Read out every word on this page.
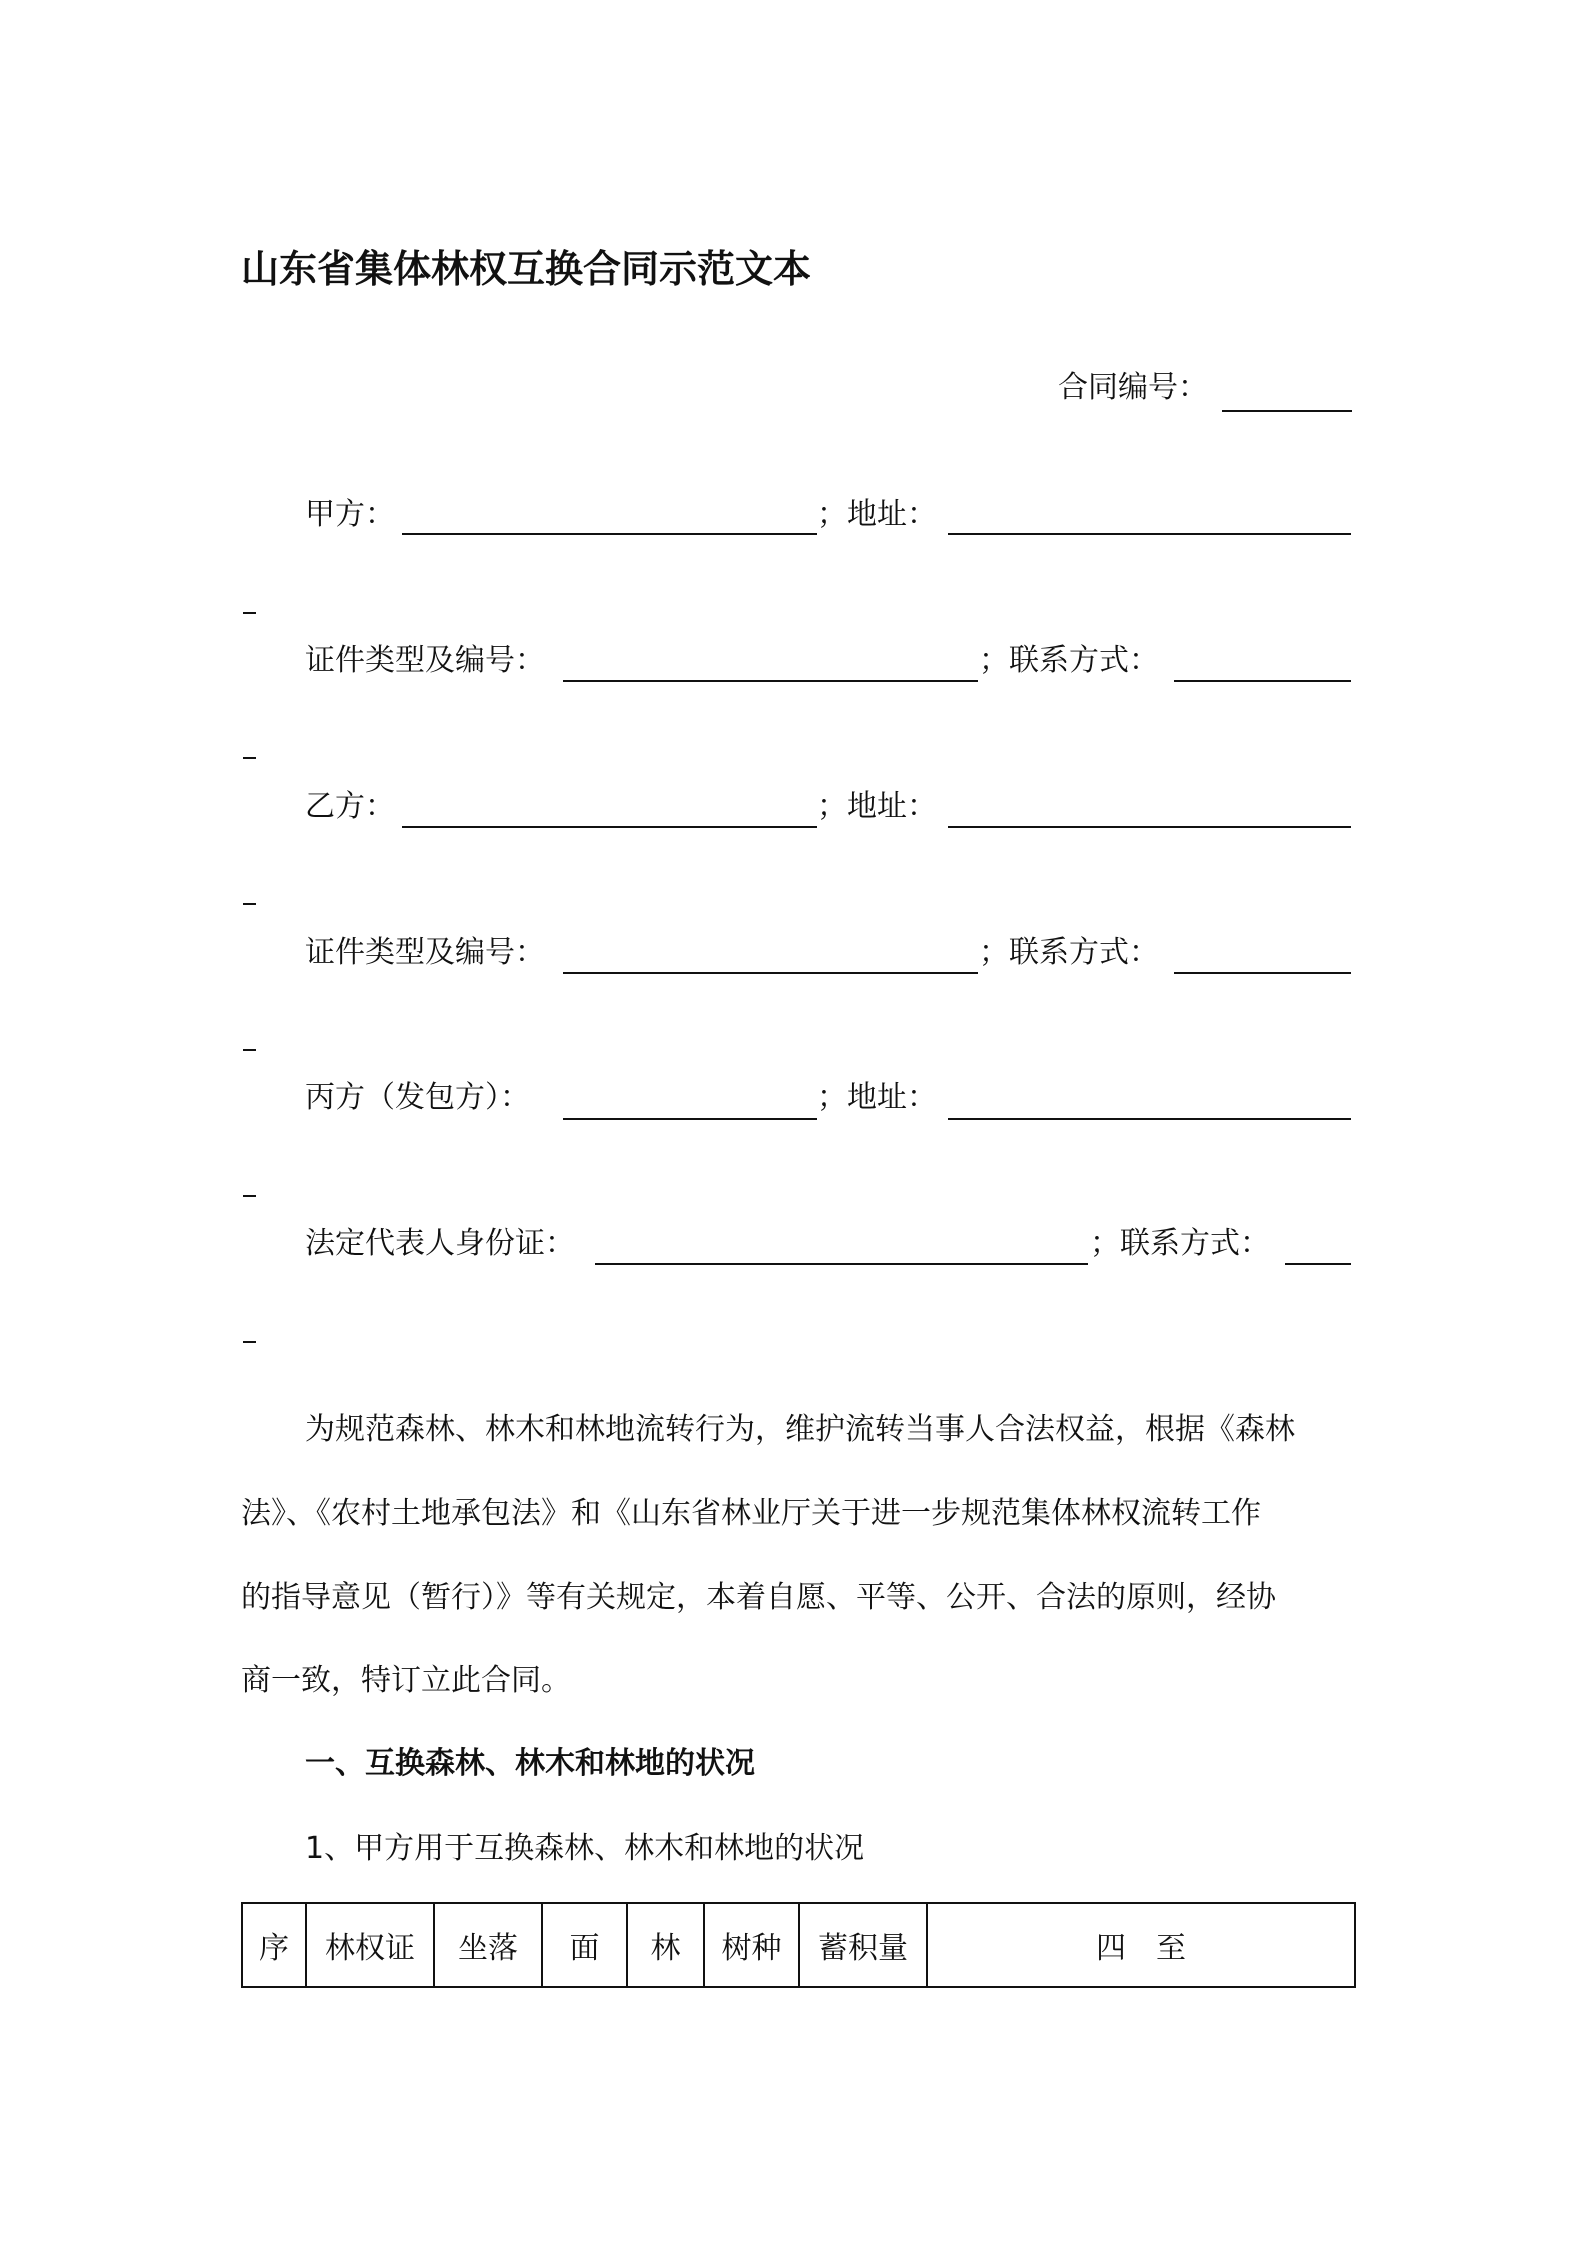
山东省集体林权互换合同示范文本
合同编号：
甲方：	；地址：
证件类型及编号：	；联系方式：
乙方：	；地址：
证件类型及编号：	；联系方式：
丙方（发包方）：	；地址：
法定代表人身份证：	；联系方式：
为规范森林、林木和林地流转行为，维护流转当事人合法权益，根据《森林
法》、《农村土地承包法》和《山东省林业厅关于进一步规范集体林权流转工作
的指导意见（暂行）》等有关规定，本着自愿、平等、公开、合法的原则，经协
商一致，特订立此合同。
一、互换森林、林木和林地的状况
1、甲方用于互换森林、林木和林地的状况
序	林权证	坐落	面	林	树种	蓄积量	四　至
